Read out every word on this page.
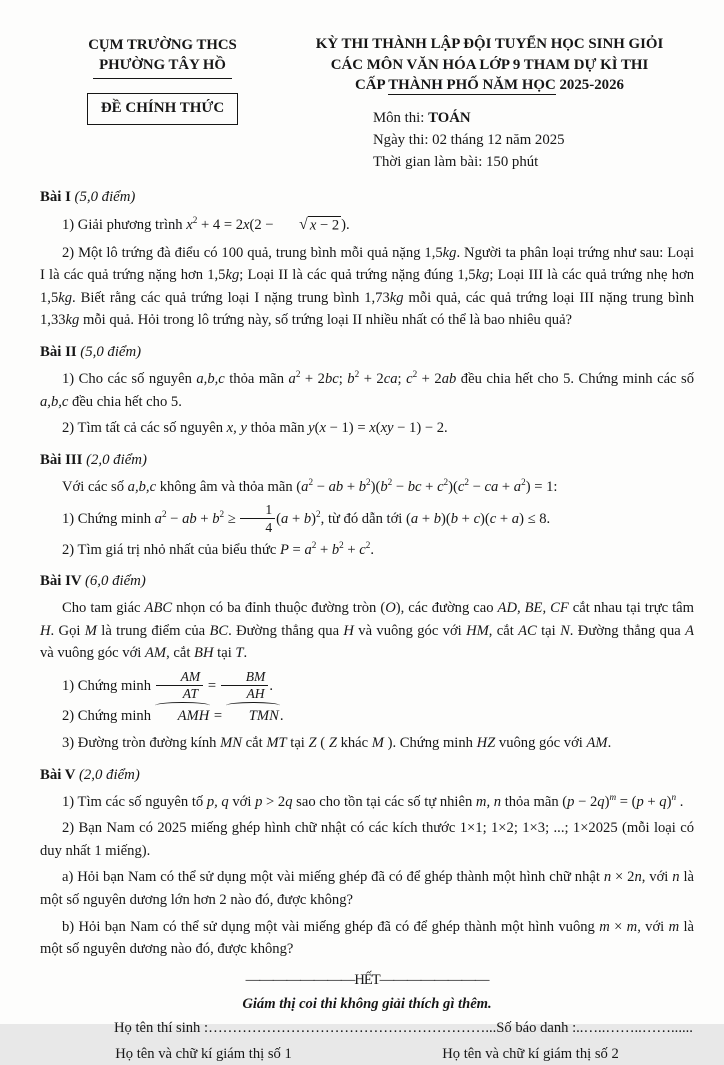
CỤM TRƯỜNG THCS
PHƯỜNG TÂY HỒ
ĐỀ CHÍNH THỨC
KỲ THI THÀNH LẬP ĐỘI TUYỂN HỌC SINH GIỎI
CÁC MÔN VĂN HÓA LỚP 9 THAM DỰ KÌ THI
CẤP THÀNH PHỐ NĂM HỌC 2025-2026
Môn thi: TOÁN
Ngày thi: 02 tháng 12 năm 2025
Thời gian làm bài: 150 phút

Bài I (5,0 điểm)

1) Giải phương trình $x^2 + 4 = 2x(2$ − √ x − 2 ).

2) Một lô trứng đà điểu có 100 quả, trung bình mỗi quả nặng 1,5kg. Người ta phân loại trứng như sau: Loại I là các quả trứng nặng hơn 1,5kg; Loại II là các quả trứng nặng đúng 1,5kg; Loại III là các quả trứng nhẹ hơn 1,5kg. Biết rằng các quả trứng loại I nặng trung bình 1,73kg mỗi quả, các quả trứng loại III nặng trung bình 1,33kg mỗi quả. Hỏi trong lô trứng này, số trứng loại II nhiều nhất có thể là bao nhiêu quả?

Bài II (5,0 điểm)

1) Cho các số nguyên a,b,c thỏa mãn $a^2 + 2bc$; $b^2 + 2ca$; $c^2 + 2ab$ đều chia hết cho 5. Chứng minh các số a,b,c đều chia hết cho 5.

2) Tìm tất cả các số nguyên x, y thỏa mãn y(x − 1) = x(xy − 1) − 2.

Bài III (2,0 điểm)

Với các số a,b,c không âm và thỏa mãn ($a^2$ − ab + $b^2)(b^2$ − bc + $c^2)(c^2$ − ca + $a^2) = 1$:

1) Chứng minh $a^2$ − ab + $b^2 \ge \frac{1}{4} (a + b)^2$, từ đó dẫn tới (a + b)(b + c)(c + a) ≤ 8.

2) Tìm giá trị nhỏ nhất của biểu thức $P = a^2 + b^2 + c^2$.

Bài IV (6,0 điểm)

Cho tam giác ABC nhọn có ba đỉnh thuộc đường tròn (O), các đường cao AD, BE, CF cắt nhau tại trực tâm H. Gọi M là trung điểm của BC. Đường thẳng qua H và vuông góc với HM, cắt AC tại N. Đường thẳng qua A và vuông góc với AM, cắt BH tại T.

1) Chứng minh $\frac{AM}{AT} = \frac{BM}{AH}$ .

2) Chứng minh AMH = TMN.

3) Đường tròn đường kính MN cắt MT tại Z ( Z khác M ). Chứng minh HZ vuông góc với AM.

Bài V (2,0 điểm)

1) Tìm các số nguyên tố p, q với p > 2q sao cho tồn tại các số tự nhiên m, n thỏa mãn $(p - 2q)^m = (p + q)^n$ .

2) Bạn Nam có 2025 miếng ghép hình chữ nhật có các kích thước 1×1; 1×2; 1×3; ...; 1×2025 (mỗi loại có duy nhất 1 miếng).

a) Hỏi bạn Nam có thể sử dụng một vài miếng ghép đã có để ghép thành một hình chữ nhật n × 2n, với n là một số nguyên dương lớn hơn 2 nào đó, được không?

b) Hỏi bạn Nam có thể sử dụng một vài miếng ghép đã có để ghép thành một hình vuông m × m, với m là một số nguyên dương nào đó, được không?

————————HẾT————————
Giám thị coi thi không giải thích gì thêm.
Họ tên thí sinh :…………………………………………………...Số báo danh :..…..……..……......
Họ tên và chữ kí giám thị số 1	Họ tên và chữ kí giám thị số 2
